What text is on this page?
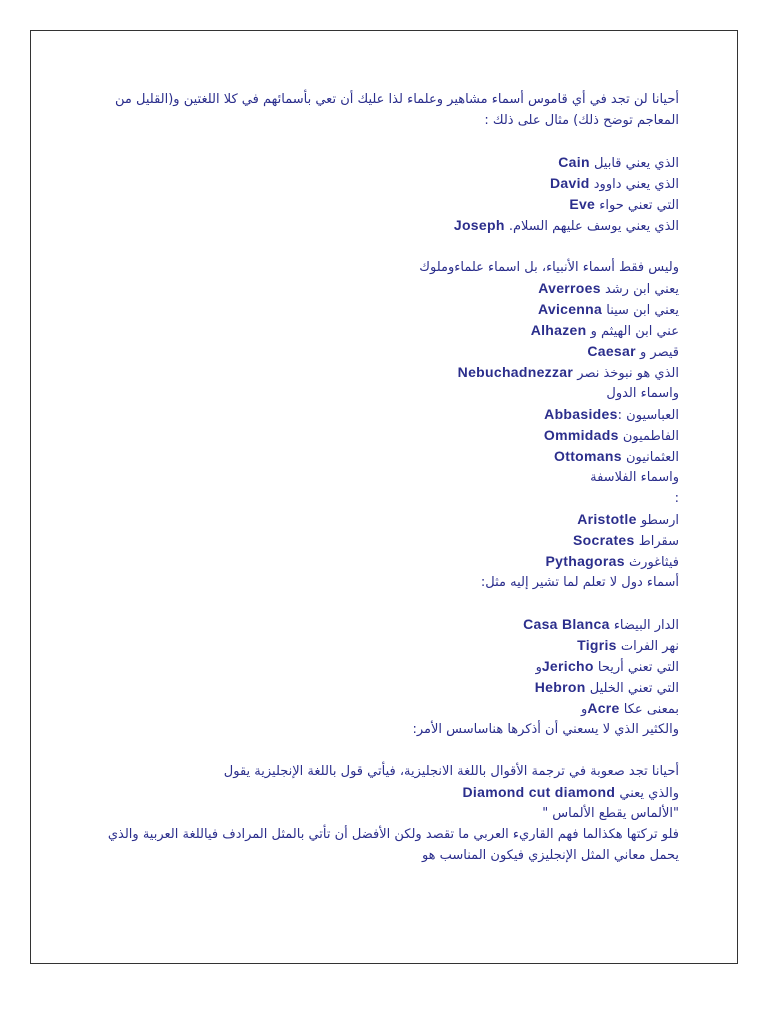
أحيانا لن تجد في أي قاموس أسماء مشاهير وعلماء لذا عليك أن تعي بأسمائهم في كلا اللغتين و(القليل من المعاجم توضح ذلك) مثال على ذلك :
الذي يعني قابيل Cain
الذي يعني داوود David
التي تعني حواء Eve
الذي يعني يوسف عليهم السلام. Joseph
وليس فقط أسماء الأنبياء، بل اسماء علماءوملوك
يعني ابن رشد Averroes
يعني ابن سينا Avicenna
عني ابن الهيثم و Alhazen
قيصر و Caesar
الذي هو نبوخذ نصر Nebuchadnezzar
واسماء الدول
العباسيون :Abbasides
الفاطميون Ommidads
العثمانيون Ottomans
واسماء الفلاسفة
:
ارسطو Aristotle
سقراط Socrates
فيثاغورث Pythagoras
أسماء دول لا تعلم لما تشير إليه مثل:
الدار البيضاء Casa Blanca
نهر الفرات Tigris
التي تعني أريحا Jerichoو
التي تعني الخليل Hebron
بمعنى عكا Acreو
والكثير الذي لا يسعني أن أذكرها هناساسس الأمر:
أحيانا تجد صعوبة في ترجمة الأقوال باللغة الانجليزية، فيأتي قول باللغة الإنجليزية يقول
والذي يعني Diamond cut diamond
"الألماس يقطع الألماس "
فلو تركتها هكذالما فهم القاريء العربي ما تقصد ولكن الأفضل أن تأتي بالمثل المرادف فياللغة العربية والذي يحمل معاني المثل الإنجليزي فيكون المناسب هو
